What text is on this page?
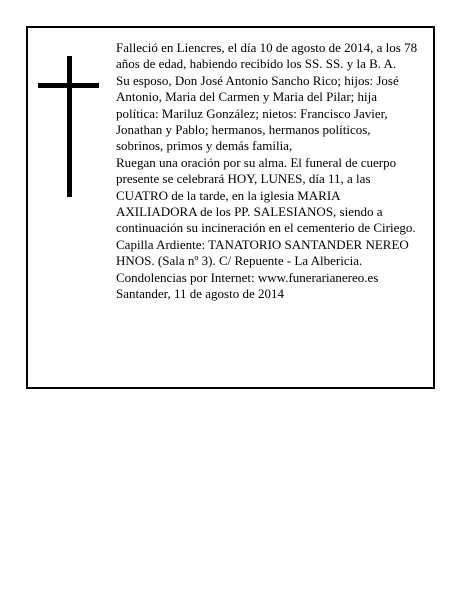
Falleció en Liencres, el día 10 de agosto de 2014, a los 78 años de edad, habiendo recibido los SS. SS. y la B. A.

Su esposo, Don José Antonio Sancho Rico; hijos: José Antonio, Maria del Carmen y Maria del Pilar; hija política: Mariluz González; nietos: Francisco Javier, Jonathan y Pablo; hermanos, hermanos políticos, sobrinos, primos y demás familia,

Ruegan una oración por su alma. El funeral de cuerpo presente se celebrará HOY, LUNES, día 11, a las CUATRO de la tarde, en la iglesia MARIA AXILIADORA de los PP. SALESIANOS, siendo a continuación su incineración en el cementerio de Ciriego. Capilla Ardiente: TANATORIO SANTANDER NEREO HNOS. (Sala nº 3). C/ Repuente - La Albericia.

Condolencias por Internet: www.funerarianereo.es

Santander, 11 de agosto de 2014
